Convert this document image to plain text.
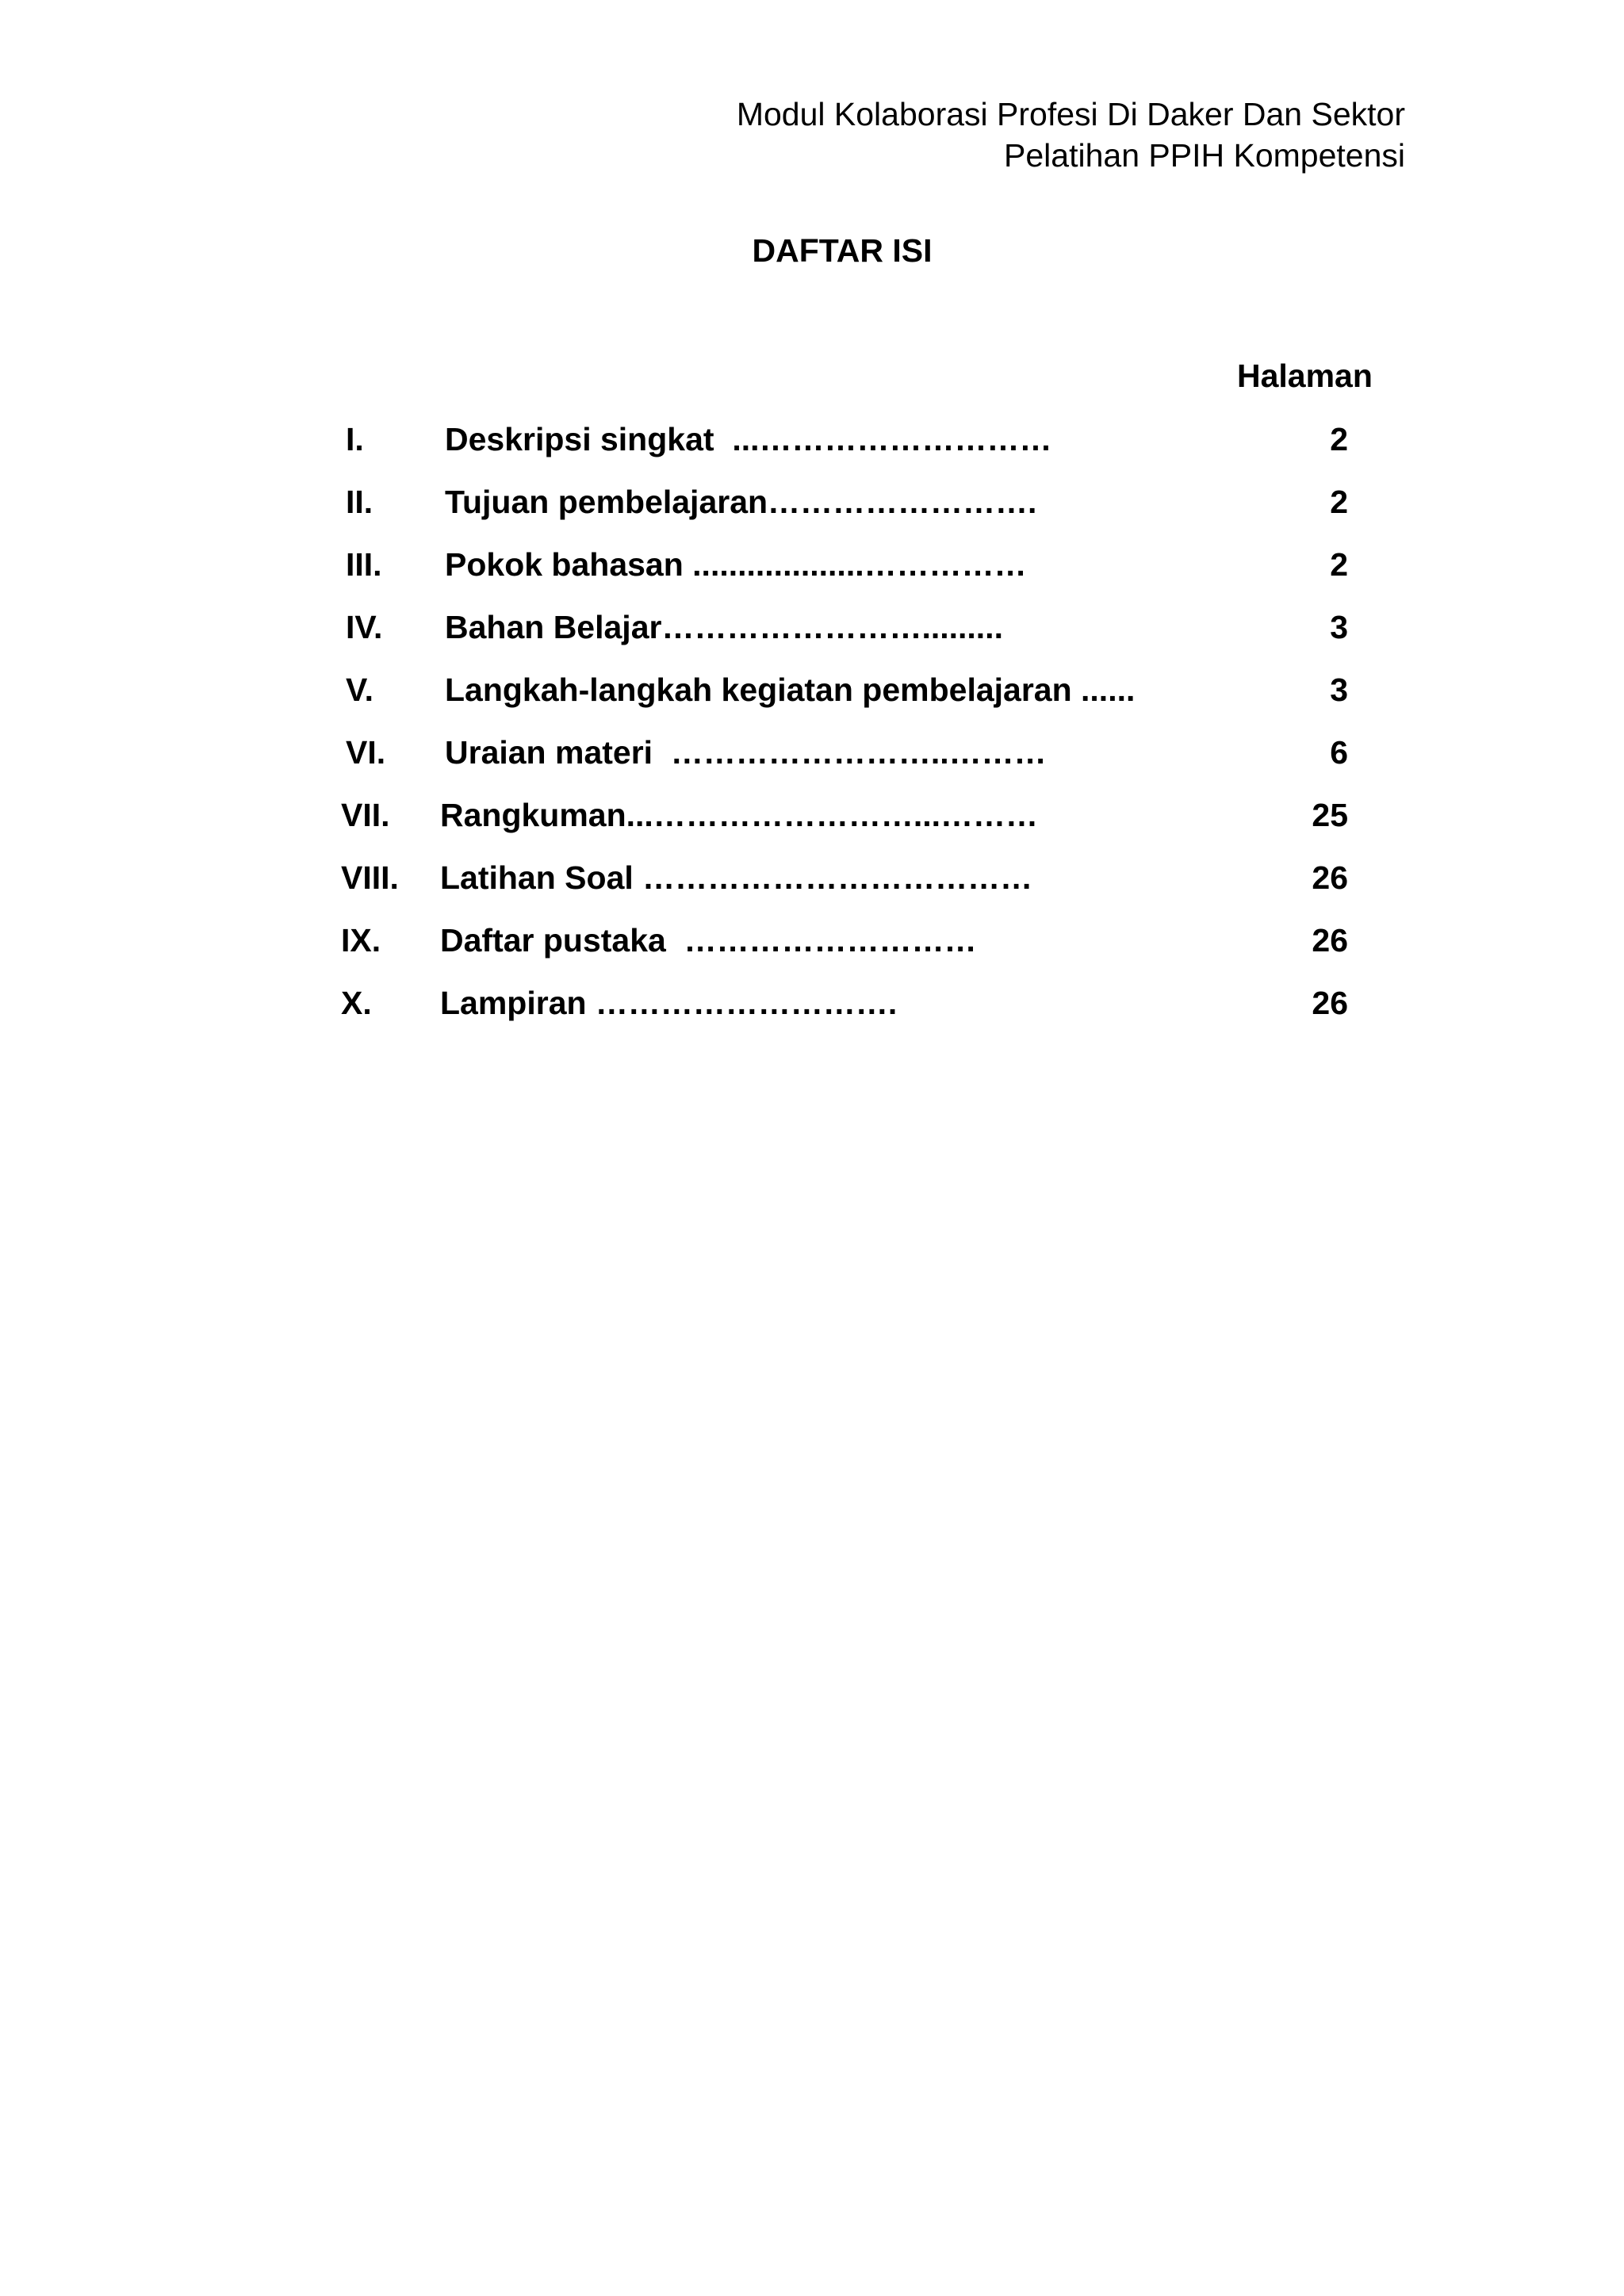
Modul Kolaborasi Profesi Di Daker Dan Sektor
Pelatihan PPIH Kompetensi
DAFTAR ISI
Halaman
I. Deskripsi singkat  ...………………………	2
II. Tujuan pembelajaran…………………….	2
III. Pokok bahasan ...................……………	2
IV. Bahan Belajar…………………….........	3
V. Langkah-langkah kegiatan pembelajaran ......	3
VI. Uraian materi  ……………………..………	6
VII. Rangkuman...……………………...………	25
VIII. Latihan Soal ………………………………	26
IX. Daftar pustaka  ………………………	26
X. Lampiran ……………………….	26
